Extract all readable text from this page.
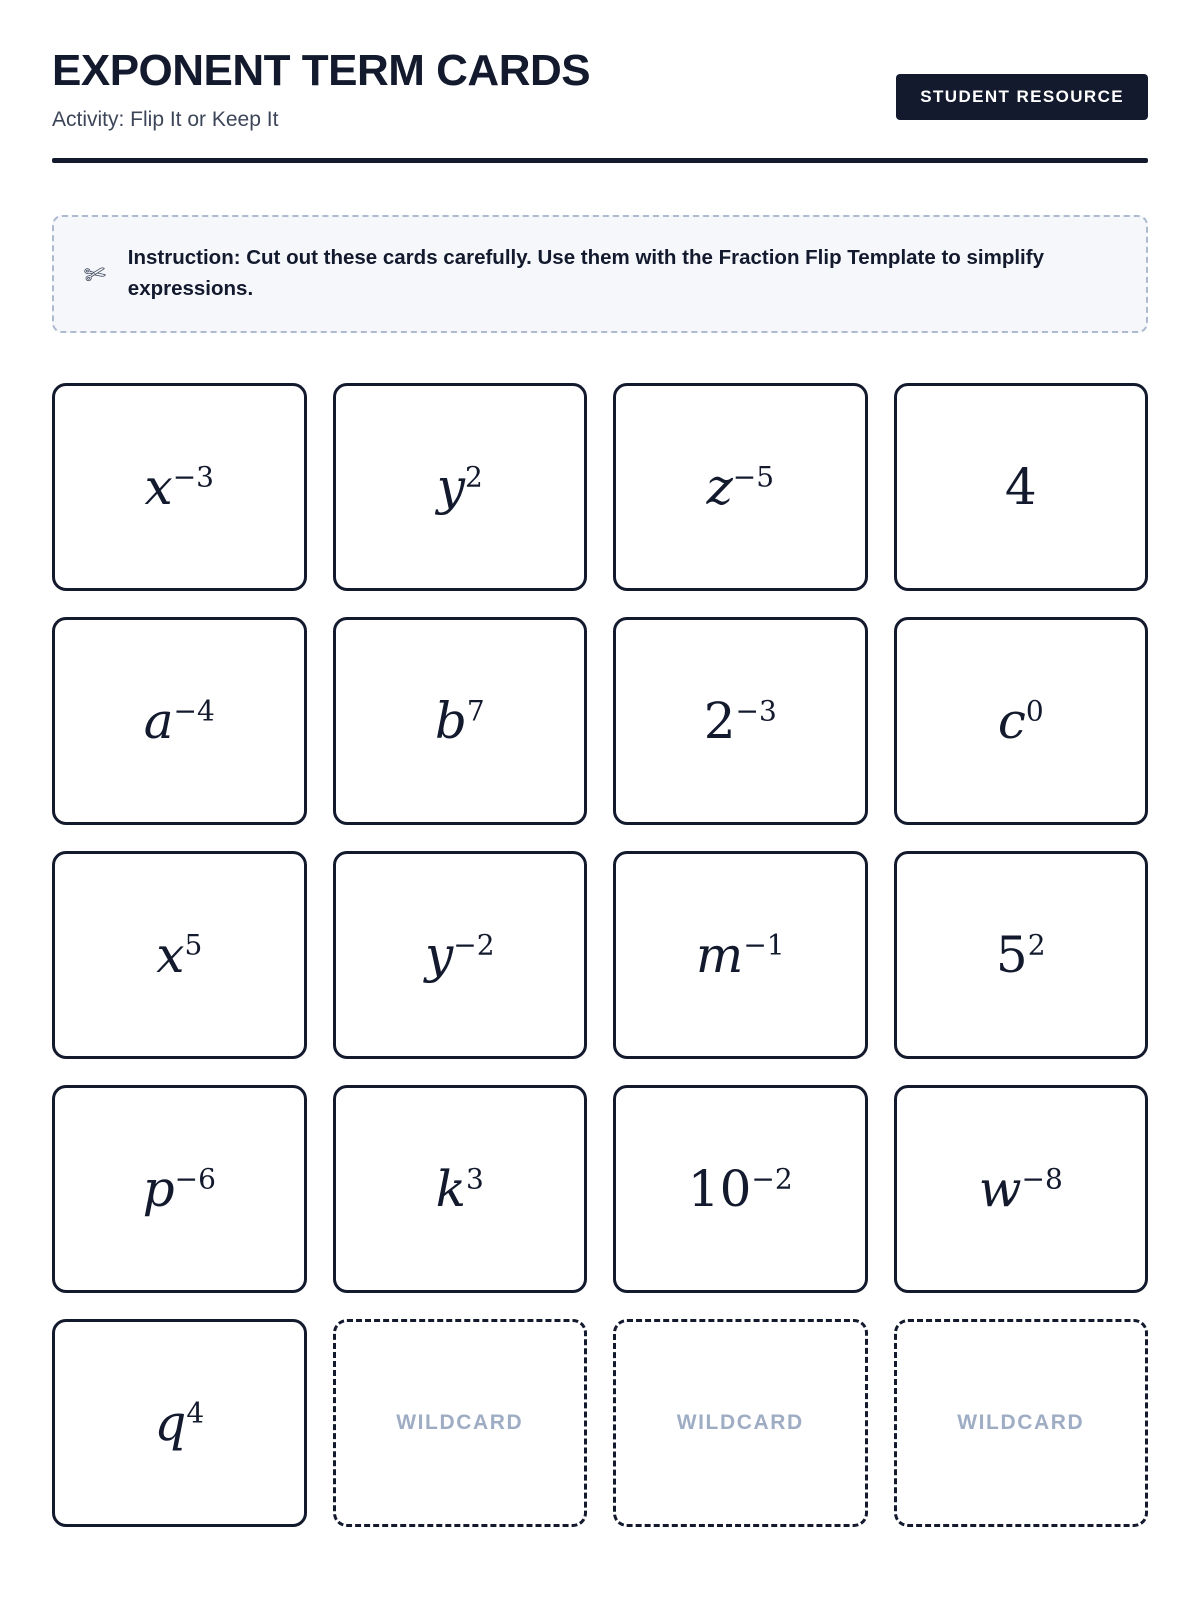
EXPONENT TERM CARDS
Activity: Flip It or Keep It
STUDENT RESOURCE
✄ Instruction: Cut out these cards carefully. Use them with the Fraction Flip Template to simplify expressions.
$x^{-3}$	$y^2$	$z^{-5}$	4
$a^{-4}$	$b^7$	$2^{-3}$	$c^0$
$x^5$	$y^{-2}$	$m^{-1}$	$5^2$
$p^{-6}$	$k^3$	$10^{-2}$	$w^{-8}$
$q^4$	WILDCARD	WILDCARD	WILDCARD
